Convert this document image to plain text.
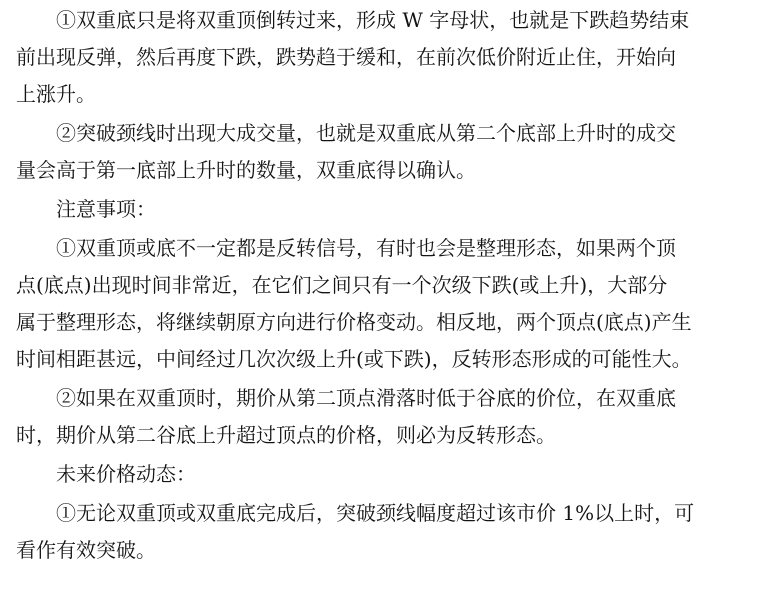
①双重底只是将双重顶倒转过来，形成 W 字母状，也就是下跌趋势结束
前出现反弹，然后再度下跌，跌势趋于缓和，在前次低价附近止住，开始向
上涨升。
②突破颈线时出现大成交量，也就是双重底从第二个底部上升时的成交
量会高于第一底部上升时的数量，双重底得以确认。
注意事项：
①双重顶或底不一定都是反转信号，有时也会是整理形态，如果两个顶
点(底点)出现时间非常近，在它们之间只有一个次级下跌(或上升)，大部分
属于整理形态，将继续朝原方向进行价格变动。相反地，两个顶点(底点)产生
时间相距甚远，中间经过几次次级上升(或下跌)，反转形态形成的可能性大。
②如果在双重顶时，期价从第二顶点滑落时低于谷底的价位，在双重底
时，期价从第二谷底上升超过顶点的价格，则必为反转形态。
未来价格动态：
①无论双重顶或双重底完成后，突破颈线幅度超过该市价 1%以上时，可
看作有效突破。
